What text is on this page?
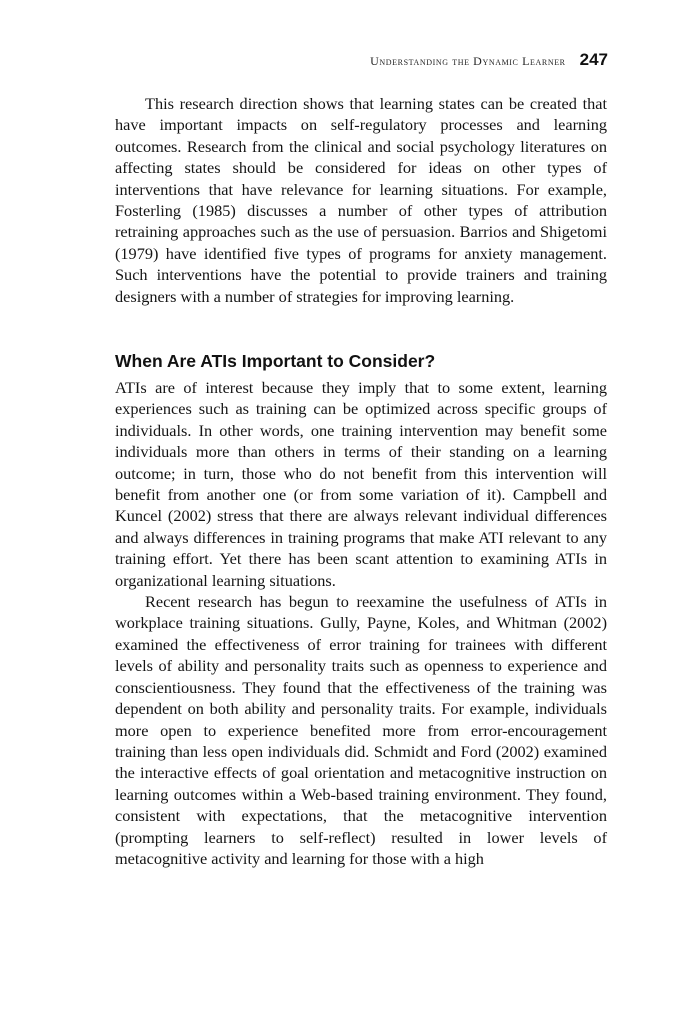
Understanding the Dynamic Learner 247

This research direction shows that learning states can be created that have important impacts on self-regulatory processes and learning outcomes. Research from the clinical and social psychology literatures on affecting states should be considered for ideas on other types of interventions that have relevance for learning situations. For example, Fosterling (1985) discusses a number of other types of attribution retraining approaches such as the use of persuasion. Barrios and Shigetomi (1979) have identified five types of programs for anxiety management. Such interventions have the potential to provide trainers and training designers with a number of strategies for improving learning.

When Are ATIs Important to Consider?

ATIs are of interest because they imply that to some extent, learning experiences such as training can be optimized across specific groups of individuals. In other words, one training intervention may benefit some individuals more than others in terms of their standing on a learning outcome; in turn, those who do not benefit from this intervention will benefit from another one (or from some variation of it). Campbell and Kuncel (2002) stress that there are always relevant individual differences and always differences in training programs that make ATI relevant to any training effort. Yet there has been scant attention to examining ATIs in organizational learning situations.

Recent research has begun to reexamine the usefulness of ATIs in workplace training situations. Gully, Payne, Koles, and Whitman (2002) examined the effectiveness of error training for trainees with different levels of ability and personality traits such as openness to experience and conscientiousness. They found that the effectiveness of the training was dependent on both ability and personality traits. For example, individuals more open to experience benefited more from error-encouragement training than less open individuals did. Schmidt and Ford (2002) examined the interactive effects of goal orientation and metacognitive instruction on learning outcomes within a Web-based training environment. They found, consistent with expectations, that the metacognitive intervention (prompting learners to self-reflect) resulted in lower levels of metacognitive activity and learning for those with a high
